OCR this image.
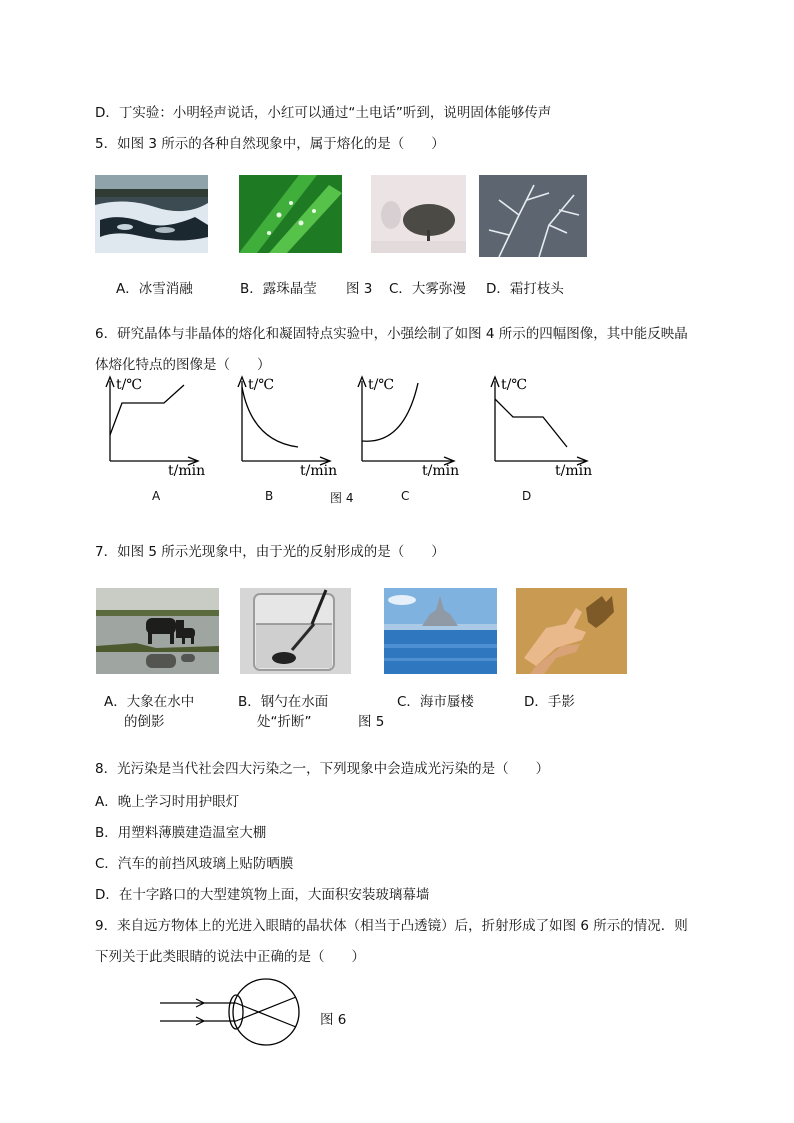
D．丁实验：小明轻声说话，小红可以通过“土电话”听到，说明固体能够传声
5．如图 3 所示的各种自然现象中，属于熔化的是（　　）
A．冰雪消融	B．露珠晶莹 图 3 C．大雾弥漫 D．霜打枝头
6．研究晶体与非晶体的熔化和凝固特点实验中，小强绘制了如图 4 所示的四幅图像，其中能反映晶
体熔化特点的图像是（　　）
t/℃
t/min
t/℃
t/min
t/℃
t/min
t/℃
t/min
A	B	图 4	C	D
7．如图 5 所示光现象中，由于光的反射形成的是（　　）
A．大象在水中
的倒影
B．钢勺在水面
处“折断”	图 5
C．海市蜃楼	D．手影
8．光污染是当代社会四大污染之一，下列现象中会造成光污染的是（　　）
A．晚上学习时用护眼灯
B．用塑料薄膜建造温室大棚
C．汽车的前挡风玻璃上贴防晒膜
D．在十字路口的大型建筑物上面，大面积安装玻璃幕墙
9．来自远方物体上的光进入眼睛的晶状体（相当于凸透镜）后，折射形成了如图 6 所示的情况．则
下列关于此类眼睛的说法中正确的是（　　）
图 6
